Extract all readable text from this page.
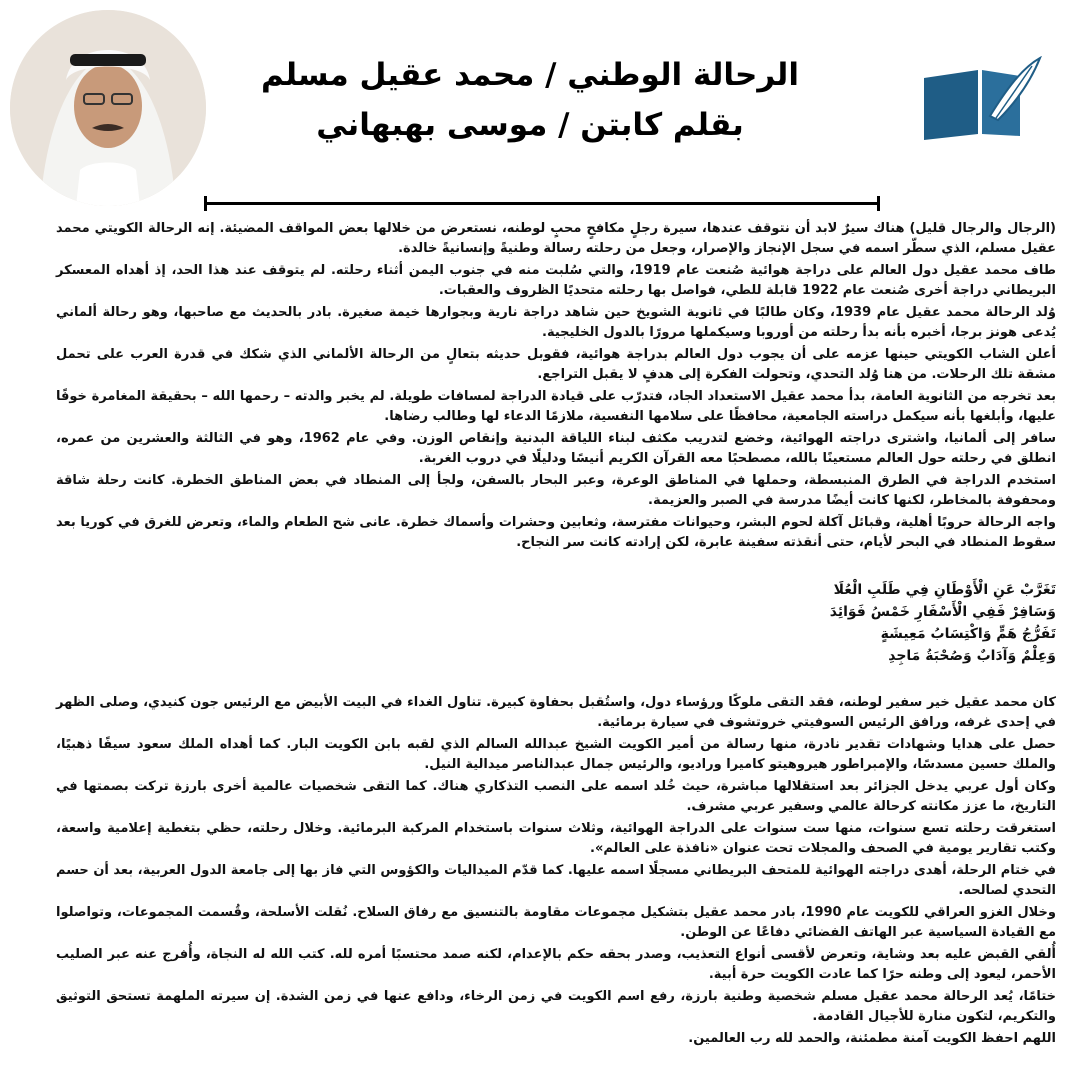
دار الحكمة
الرحالة الوطني / محمد عقيل مسلم
بقلم كابتن / موسى بهبهاني

(الرجال والرجال قليل) هناك سيرٌ لابد أن نتوقف عندها، سيرة رجلٍ مكافحٍ محبٍ لوطنه، نستعرض من خلالها بعض المواقف المضيئة. إنه الرحالة الكويتي محمد عقيل مسلم، الذي سطّر اسمه في سجل الإنجاز والإصرار، وجعل من رحلته رسالة وطنيةً وإنسانيةً خالدة.

طاف محمد عقيل دول العالم على دراجة هوائية صُنعت عام 1919، والتي سُلبت منه في جنوب اليمن أثناء رحلته. لم يتوقف عند هذا الحد، إذ أهداه المعسكر البريطاني دراجة أخرى صُنعت عام 1922 قابلة للطي، فواصل بها رحلته متحديًا الظروف والعقبات.

وُلد الرحالة محمد عقيل عام 1939، وكان طالبًا في ثانوية الشويخ حين شاهد دراجة نارية وبجوارها خيمة صغيرة. بادر بالحديث مع صاحبها، وهو رحالة ألماني يُدعى هونز برجا، أخبره بأنه بدأ رحلته من أوروبا وسيكملها مرورًا بالدول الخليجية.

أعلن الشاب الكويتي حينها عزمه على أن يجوب دول العالم بدراجة هوائية، فقوبل حديثه بتعالٍ من الرحالة الألماني الذي شكك في قدرة العرب على تحمل مشقة تلك الرحلات. من هنا وُلد التحدي، وتحولت الفكرة إلى هدفٍ لا يقبل التراجع.

بعد تخرجه من الثانوية العامة، بدأ محمد عقيل الاستعداد الجاد، فتدرّب على قيادة الدراجة لمسافات طويلة. لم يخبر والدته – رحمها الله – بحقيقة المغامرة خوفًا عليها، وأبلغها بأنه سيكمل دراسته الجامعية، محافظًا على سلامها النفسية، ملازمًا الدعاء لها وطالب رضاها.

سافر إلى ألمانيا، واشترى دراجته الهوائية، وخضع لتدريب مكثف لبناء اللياقة البدنية وإنقاص الوزن. وفي عام 1962، وهو في الثالثة والعشرين من عمره، انطلق في رحلته حول العالم مستعينًا بالله، مصطحبًا معه القرآن الكريم أنيسًا ودليلًا في دروب الغربة.

استخدم الدراجة في الطرق المنبسطة، وحملها في المناطق الوعرة، وعبر البحار بالسفن، ولجأ إلى المنطاد في بعض المناطق الخطرة. كانت رحلة شاقة ومحفوفة بالمخاطر، لكنها كانت أيضًا مدرسة في الصبر والعزيمة.

واجه الرحالة حروبًا أهلية، وقبائل آكلة لحوم البشر، وحيوانات مفترسة، وثعابين وحشرات وأسماك خطرة. عانى شح الطعام والماء، وتعرض للغرق في كوريا بعد سقوط المنطاد في البحر لأيام، حتى أنقذته سفينة عابرة، لكن إرادته كانت سر النجاح.

تَغَرَّبْ عَنِ الْأَوْطَانِ فِي طَلَبِ الْعُلَا
وَسَافِرْ فَفِي الْأَسْفَارِ خَمْسُ فَوَائِدَ
تَفَرُّجُ هَمٍّ وَاكْتِسَابُ مَعِيشَةٍ
وَعِلْمٌ وَآدَابٌ وَصُحْبَةُ مَاجِدِ

كان محمد عقيل خير سفير لوطنه، فقد التقى ملوكًا ورؤساء دول، واستُقبل بحفاوة كبيرة. تناول الغداء في البيت الأبيض مع الرئيس جون كنيدي، وصلى الظهر في إحدى غرفه، ورافق الرئيس السوفيتي خروتشوف في سيارة برمائية.

حصل على هدايا وشهادات تقدير نادرة، منها رسالة من أمير الكويت الشيخ عبدالله السالم الذي لقبه بابن الكويت البار. كما أهداه الملك سعود سيفًا ذهبيًا، والملك حسين مسدسًا، والإمبراطور هيروهيتو كاميرا وراديو، والرئيس جمال عبدالناصر ميدالية النيل.

وكان أول عربي يدخل الجزائر بعد استقلالها مباشرة، حيث خُلد اسمه على النصب التذكاري هناك. كما التقى شخصيات عالمية أخرى بارزة تركت بصمتها في التاريخ، ما عزز مكانته كرحالة عالمي وسفير عربي مشرف.

استغرقت رحلته تسع سنوات، منها ست سنوات على الدراجة الهوائية، وثلاث سنوات باستخدام المركبة البرمائية. وخلال رحلته، حظي بتغطية إعلامية واسعة، وكتب تقارير يومية في الصحف والمجلات تحت عنوان «نافذة على العالم».

في ختام الرحلة، أهدى دراجته الهوائية للمتحف البريطاني مسجلًا اسمه عليها. كما قدّم الميداليات والكؤوس التي فاز بها إلى جامعة الدول العربية، بعد أن حسم التحدي لصالحه.

وخلال الغزو العراقي للكويت عام 1990، بادر محمد عقيل بتشكيل مجموعات مقاومة بالتنسيق مع رفاق السلاح. نُقلت الأسلحة، وقُسمت المجموعات، وتواصلوا مع القيادة السياسية عبر الهاتف الفضائي دفاعًا عن الوطن.

أُلقي القبض عليه بعد وشاية، وتعرض لأقسى أنواع التعذيب، وصدر بحقه حكم بالإعدام، لكنه صمد محتسبًا أمره لله. كتب الله له النجاة، وأُفرج عنه عبر الصليب الأحمر، ليعود إلى وطنه حرًا كما عادت الكويت حرة أبية.

ختامًا، يُعد الرحالة محمد عقيل مسلم شخصية وطنية بارزة، رفع اسم الكويت في زمن الرخاء، ودافع عنها في زمن الشدة. إن سيرته الملهمة تستحق التوثيق والتكريم، لتكون منارة للأجيال القادمة.

اللهم احفظ الكويت آمنة مطمئنة، والحمد لله رب العالمين.
